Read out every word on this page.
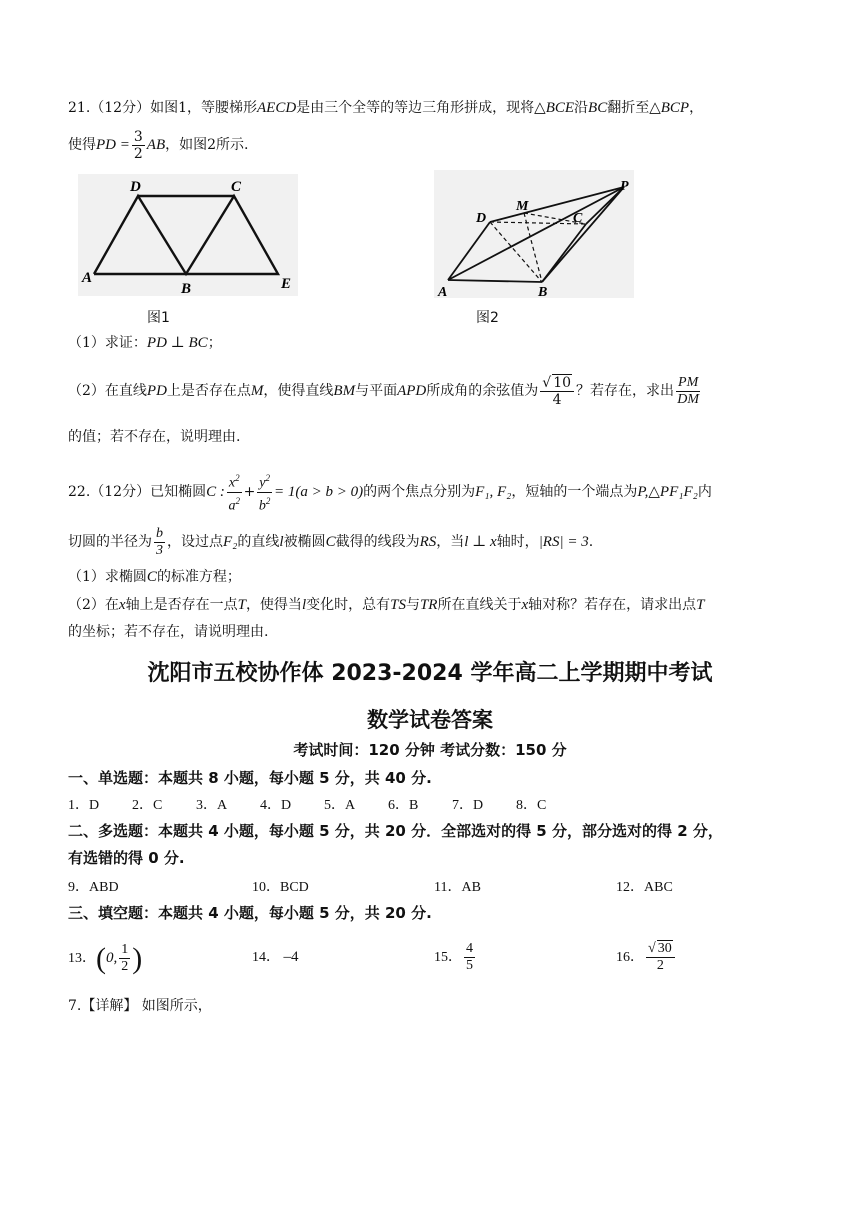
21.（12分）如图1，等腰梯形AECD是由三个全等的等边三角形拼成，现将△BCE沿BC翻折至△BCP，
使得PD = $\frac{3}{2}$ AB，如图2所示.
A
D	C
B	E
图1
A	B
D
M
C
P
图2
（1）求证：PD ⊥ BC；
（2）在直线PD上是否存在点M，使得直线BM与平面APD所成角的余弦值为 $\frac{√ 10}{4}$ ？若存在，求出 $\frac{PM}{DM}$
的值；若不存在，说明理由.
22.（12分）已知椭圆C : $\frac{x^2}{a^2} + \frac{y^2}{b^2} = 1(a > b > 0)$的两个焦点分别为F₁, F₂，短轴的一个端点为P,△PF₁F₂内
切圆的半径为 $\frac{b}{3}$ ，设过点F₂的直线l被椭圆C截得的线段为RS，当l ⊥ x轴时，|RS| = 3.
（1）求椭圆C的标准方程；
（2）在x轴上是否存在一点T，使得当l变化时，总有TS与TR所在直线关于x轴对称？若存在，请求出点T
的坐标；若不存在，请说明理由.
沈阳市五校协作体 2023-2024 学年高二上学期期中考试
数学试卷答案
考试时间：120 分钟 考试分数：150 分
一、单选题：本题共 8 小题，每小题 5 分，共 40 分.
1．D 2．C 3．A 4．D 5．A 6．B 7．D 8．C
二、多选题：本题共 4 小题，每小题 5 分，共 20 分．全部选对的得 5 分，部分选对的得 2 分，
有选错的得 0 分.
9．ABD	10．BCD	11．AB	12．ABC
三、填空题：本题共 4 小题，每小题 5 分，共 20 分.
13．(0, $\frac{1}{2}$ )	14． –4	15． $\frac{4}{5}$	16． $\frac{√ 30}{2}$
7.【详解】 如图所示，
